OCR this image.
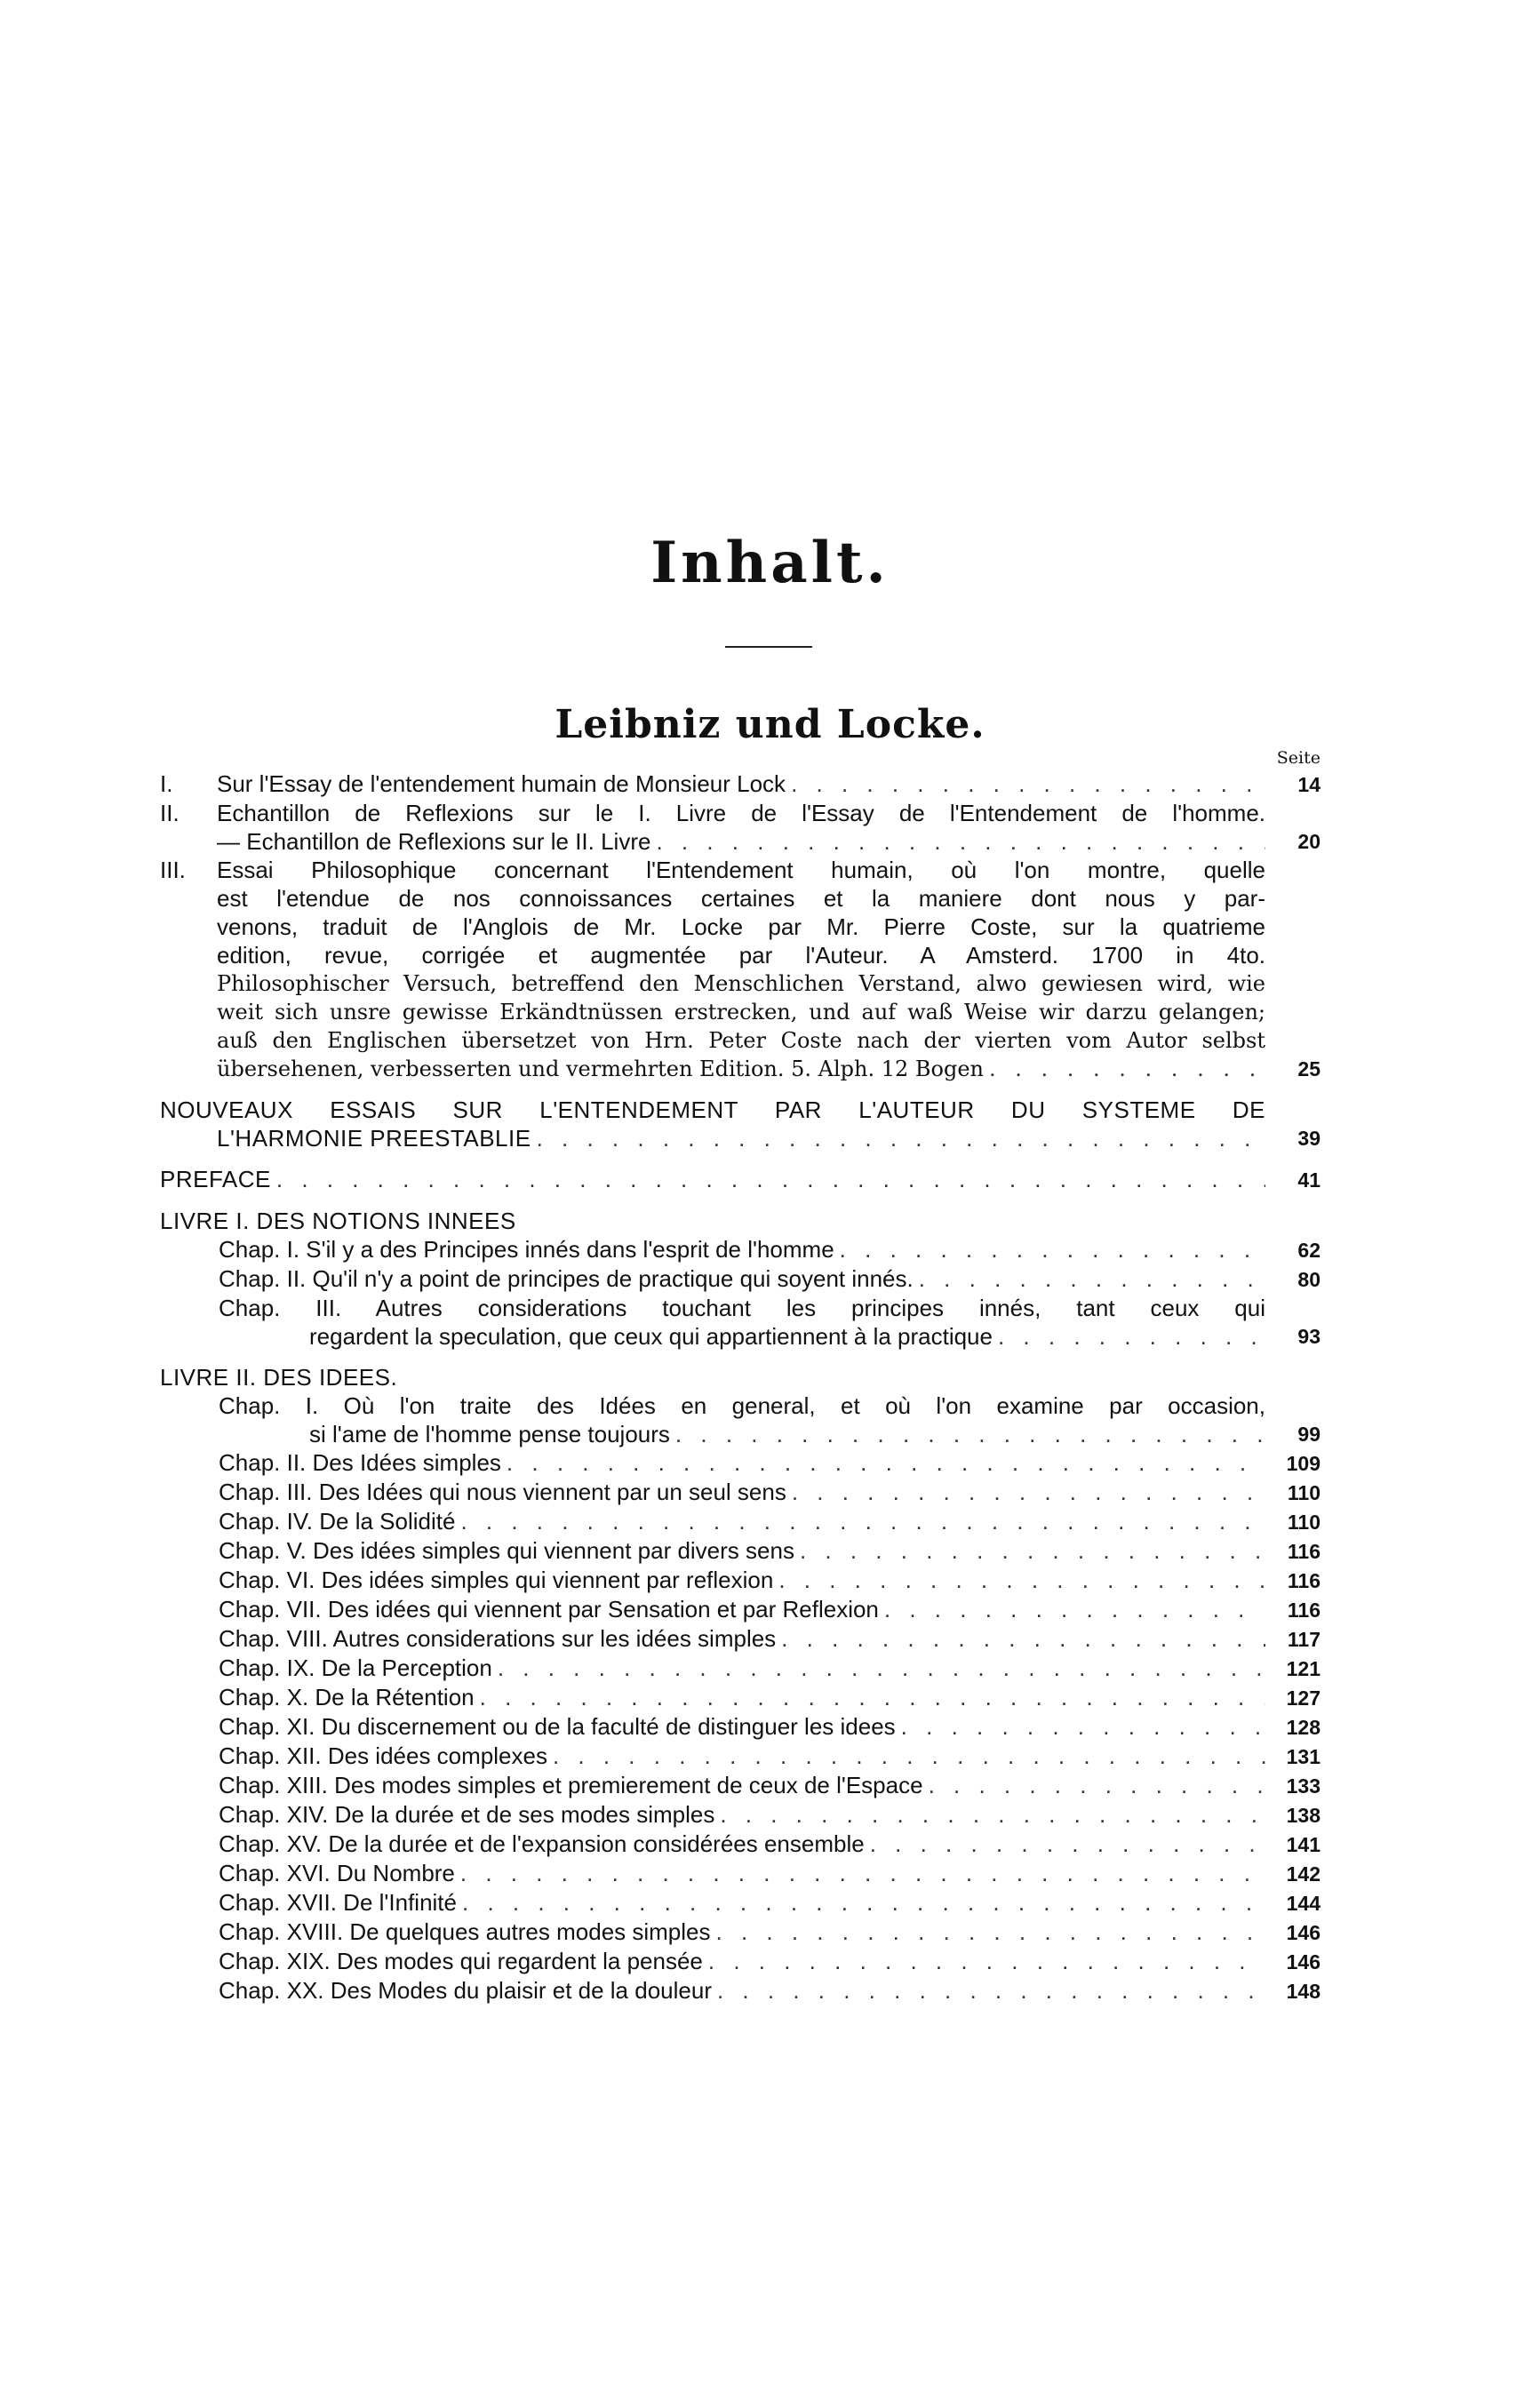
Inhalt.
Leibniz und Locke.
Seite
I.	Sur l'Essay de l'entendement humain de Monsieur Lock . . .	14
II.	Echantillon de Reflexions sur le I. Livre de l'Essay de l'Entendement de l'homme.
— Echantillon de Reflexions sur le II. Livre . . .	20
III.	Essai Philosophique concernant l'Entendement humain, où l'on montre, quelle
est l'etendue de nos connoissances certaines et la maniere dont nous y par-
venons, traduit de l'Anglois de Mr. Locke par Mr. Pierre Coste, sur la quatrieme
edition, revue, corrigée et augmentée par l'Auteur. A Amsterd. 1700 in 4to.
Philosophischer Versuch, betreffend den Menschlichen Verstand, alwo gewiesen wird, wie
weit sich unsre gewisse Erkändtnüssen erstrecken, und auf waß Weise wir darzu gelangen;
auß den Englischen übersetzet von Hrn. Peter Coste nach der vierten vom Autor selbst
übersehenen, verbesserten und vermehrten Edition. 5. Alph. 12 Bogen . . .	25
NOUVEAUX ESSAIS SUR L'ENTENDEMENT PAR L'AUTEUR DU SYSTEME DE
L'HARMONIE PREESTABLIE . . .	39
PREFACE . . .	41
LIVRE I. DES NOTIONS INNEES
Chap. I. S'il y a des Principes innés dans l'esprit de l'homme . . .	62
Chap. II. Qu'il n'y a point de principes de practique qui soyent innés. . . .	80
Chap. III. Autres considerations touchant les principes innés, tant ceux qui
regardent la speculation, que ceux qui appartiennent à la practique . . .	93
LIVRE II. DES IDEES.
Chap. I. Où l'on traite des Idées en general, et où l'on examine par occasion,
si l'ame de l'homme pense toujours . . .	99
Chap. II. Des Idées simples . . .	109
Chap. III. Des Idées qui nous viennent par un seul sens . . .	110
Chap. IV. De la Solidité . . .	110
Chap. V. Des idées simples qui viennent par divers sens . . .	116
Chap. VI. Des idées simples qui viennent par reflexion . . .	116
Chap. VII. Des idées qui viennent par Sensation et par Reflexion . . .	116
Chap. VIII. Autres considerations sur les idées simples . . .	117
Chap. IX. De la Perception . . .	121
Chap. X. De la Rétention . . .	127
Chap. XI. Du discernement ou de la faculté de distinguer les idees . . .	128
Chap. XII. Des idées complexes . . .	131
Chap. XIII. Des modes simples et premierement de ceux de l'Espace . . .	133
Chap. XIV. De la durée et de ses modes simples . . .	138
Chap. XV. De la durée et de l'expansion considérées ensemble . . .	141
Chap. XVI. Du Nombre . . .	142
Chap. XVII. De l'Infinité . . .	144
Chap. XVIII. De quelques autres modes simples . . .	146
Chap. XIX. Des modes qui regardent la pensée . . .	146
Chap. XX. Des Modes du plaisir et de la douleur . . .	148
